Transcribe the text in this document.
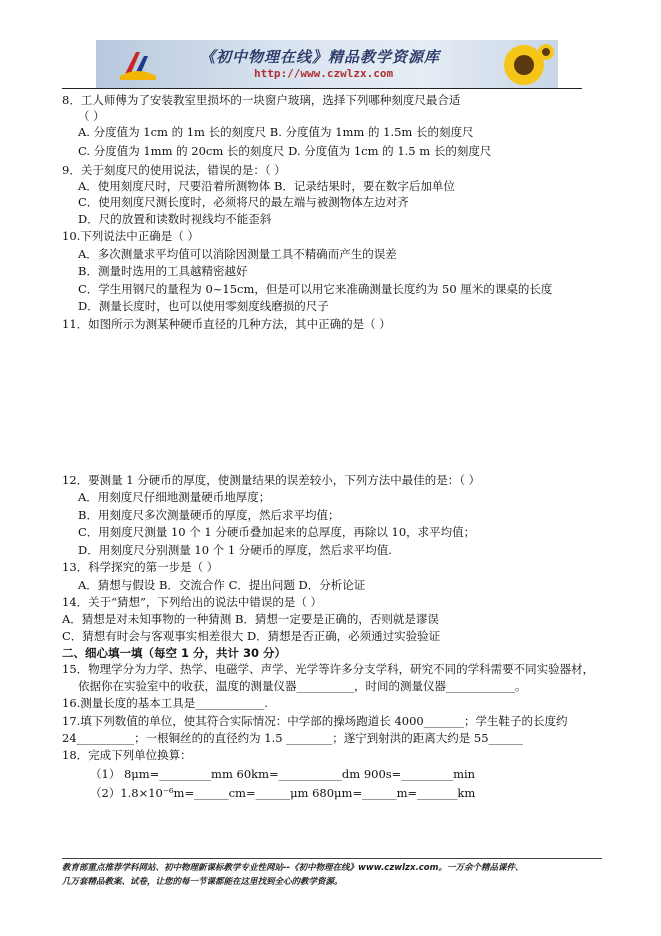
《初中物理在线》精品教学资源库
http://www.czwlzx.com
8．工人师傅为了安装教室里损坏的一块窗户玻璃，选择下列哪种刻度尺最合适
（ ）
A. 分度值为 1cm 的 1m 长的刻度尺 B. 分度值为 1mm 的 1.5m 长的刻度尺
C. 分度值为 1mm 的 20cm 长的刻度尺 D. 分度值为 1cm 的 1.5 m 长的刻度尺
9．关于刻度尺的使用说法，错误的是：（ ）
A．使用刻度尺时，尺要沿着所测物体 B．记录结果时，要在数字后加单位
C．使用刻度尺测长度时，必须将尺的最左端与被测物体左边对齐
D．尺的放置和读数时视线均不能歪斜
10.下列说法中正确是（ ）
A．多次测量求平均值可以消除因测量工具不精确而产生的误差
B．测量时选用的工具越精密越好
C．学生用钢尺的量程为 0~15cm，但是可以用它来准确测量长度约为 50 厘米的课桌的长度
D．测量长度时，也可以使用零刻度线磨损的尺子
11．如图所示为测某种硬币直径的几种方法，其中正确的是（ ）
12．要测量 1 分硬币的厚度，使测量结果的误差较小，下列方法中最佳的是：（ ）
A．用刻度尺仔细地测量硬币地厚度；
B．用刻度尺多次测量硬币的厚度，然后求平均值；
C．用刻度尺测量 10 个 1 分硬币叠加起来的总厚度，再除以 10，求平均值；
D．用刻度尺分别测量 10 个 1 分硬币的厚度，然后求平均值.
13．科学探究的第一步是（ ）
A．猜想与假设 B．交流合作 C．提出问题 D．分析论证
14．关于“猜想”，下列给出的说法中错误的是（ ）
A．猜想是对未知事物的一种猜测 B．猜想一定要是正确的，否则就是谬误
C．猜想有时会与客观事实相差很大 D．猜想是否正确，必须通过实验验证
二、细心填一填（每空 1 分，共计 30 分）
15．物理学分为力学、热学、电磁学、声学、光学等许多分支学科，研究不同的学科需要不同实验器材，
依据你在实验室中的收获，温度的测量仪器__________，时间的测量仪器____________。
16.测量长度的基本工具是____________.
17.填下列数值的单位，使其符合实际情况：中学部的操场跑道长 4000_______；学生鞋子的长度约
24__________；一根铜丝的的直径约为 1.5 ________；遂宁到射洪的距离大约是 55______
18．完成下列单位换算：
（1） 8μm=_________mm 60km=___________dm 900s=_________min
（2）1.8×10⁻⁶m=______cm=______μm 680μm=______m=_______km
教育部重点推荐学科网站、初中物理新课标教学专业性网站--《初中物理在线》www.czwlzx.com。一万余个精品课件、
几万套精品教案、试卷，让您的每一节课都能在这里找到全心的教学资源。
